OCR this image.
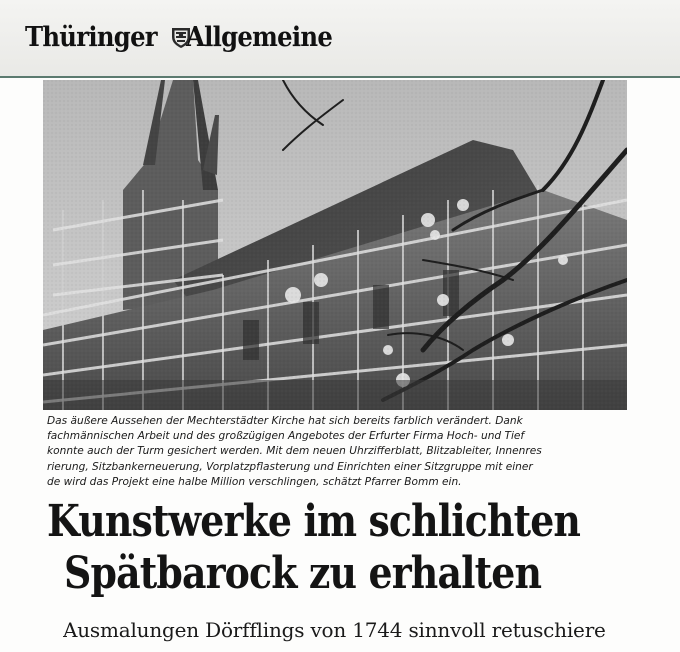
Thüringer Allgemeine
Das äußere Aussehen der Mechterstädter Kirche hat sich bereits farblich verändert. Dank
fachmännischen Arbeit und des großzügigen Angebotes der Erfurter Firma Hoch- und Tief
konnte auch der Turm gesichert werden. Mit dem neuen Uhrzifferblatt, Blitzableiter, Innenres
rierung, Sitzbankerneuerung, Vorplatzpflasterung und Einrichten einer Sitzgruppe mit einer
de wird das Projekt eine halbe Million verschlingen, schätzt Pfarrer Bomm ein.
Kunstwerke im schlichten
Spätbarock zu erhalten
Ausmalungen Dörfflings von 1744 sinnvoll retuschiere
